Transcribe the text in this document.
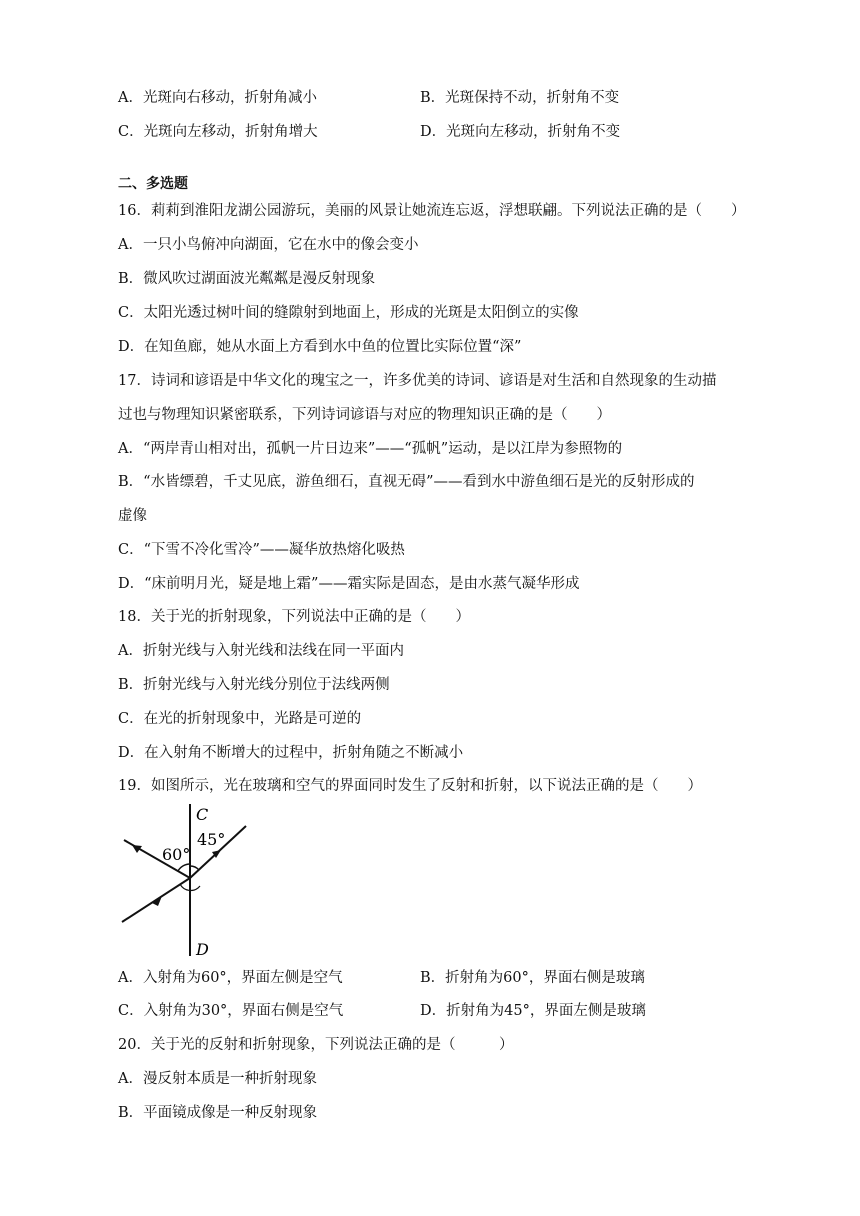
A．光斑向右移动，折射角减小	B．光斑保持不动，折射角不变
C．光斑向左移动，折射角增大	D．光斑向左移动，折射角不变
二、多选题
16．莉莉到淮阳龙湖公园游玩，美丽的风景让她流连忘返，浮想联翩。下列说法正确的是（　　）
A．一只小鸟俯冲向湖面，它在水中的像会变小
B．微风吹过湖面波光粼粼是漫反射现象
C．太阳光透过树叶间的缝隙射到地面上，形成的光斑是太阳倒立的实像
D．在知鱼廊，她从水面上方看到水中鱼的位置比实际位置“深”
17．诗词和谚语是中华文化的瑰宝之一，许多优美的诗词、谚语是对生活和自然现象的生动描
过也与物理知识紧密联系，下列诗词谚语与对应的物理知识正确的是（　　）
A．“两岸青山相对出，孤帆一片日边来”——“孤帆”运动，是以江岸为参照物的
B．“水皆缥碧，千丈见底，游鱼细石，直视无碍”——看到水中游鱼细石是光的反射形成的
虚像
C．“下雪不冷化雪冷”——凝华放热熔化吸热
D．“床前明月光，疑是地上霜”——霜实际是固态，是由水蒸气凝华形成
18．关于光的折射现象，下列说法中正确的是（　　）
A．折射光线与入射光线和法线在同一平面内
B．折射光线与入射光线分别位于法线两侧
C．在光的折射现象中，光路是可逆的
D．在入射角不断增大的过程中，折射角随之不断减小
19．如图所示，光在玻璃和空气的界面同时发生了反射和折射，以下说法正确的是（　　）
C
D
60°
45°
A．入射角为60°，界面左侧是空气	B．折射角为60°，界面右侧是玻璃
C．入射角为30°，界面右侧是空气	D．折射角为45°，界面左侧是玻璃
20．关于光的反射和折射现象，下列说法正确的是（　　　）
A．漫反射本质是一种折射现象
B．平面镜成像是一种反射现象
